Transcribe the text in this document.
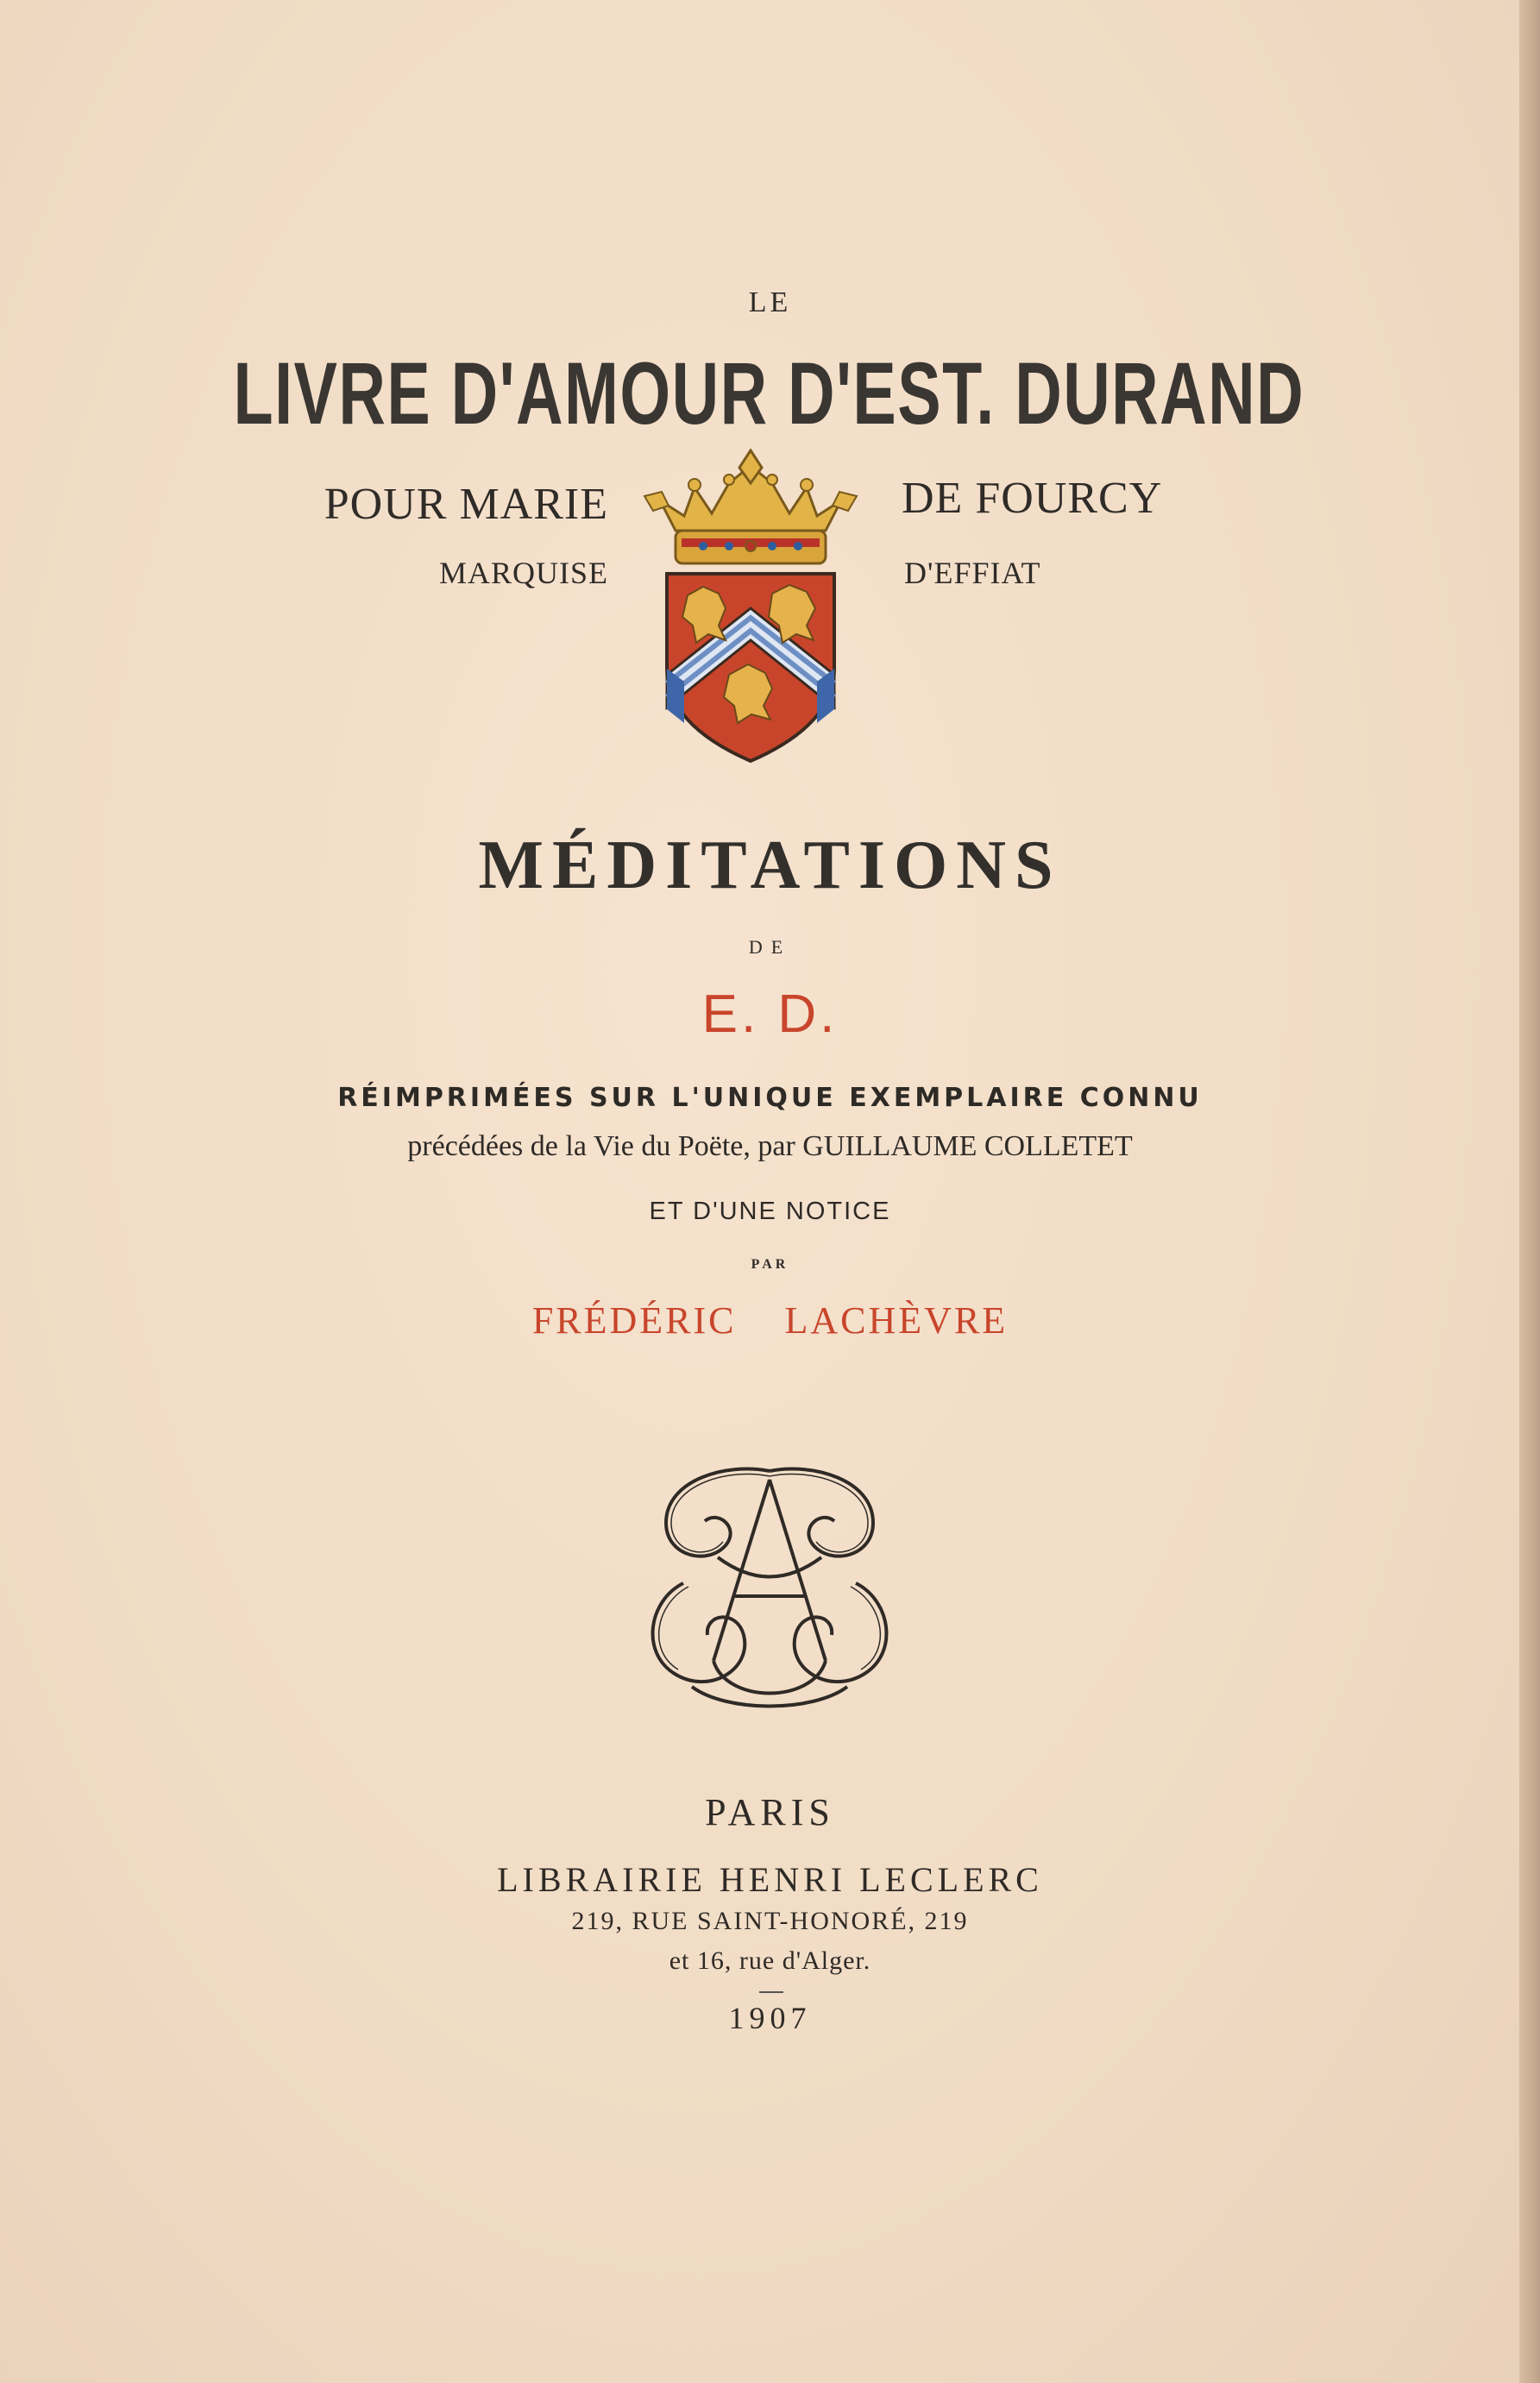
LE
LIVRE D'AMOUR D'EST. DURAND
POUR MARIE
MARQUISE
DE FOURCY
D'EFFIAT
MÉDITATIONS
DE
E. D.
RÉIMPRIMÉES SUR L'UNIQUE EXEMPLAIRE CONNU
précédées de la Vie du Poëte, par GUILLAUME COLLETET
ET D'UNE NOTICE
PAR
FRÉDÉRIC LACHÈVRE
PARIS
LIBRAIRIE HENRI LECLERC
219, RUE SAINT-HONORÉ, 219
et 16, rue d'Alger.
1907
